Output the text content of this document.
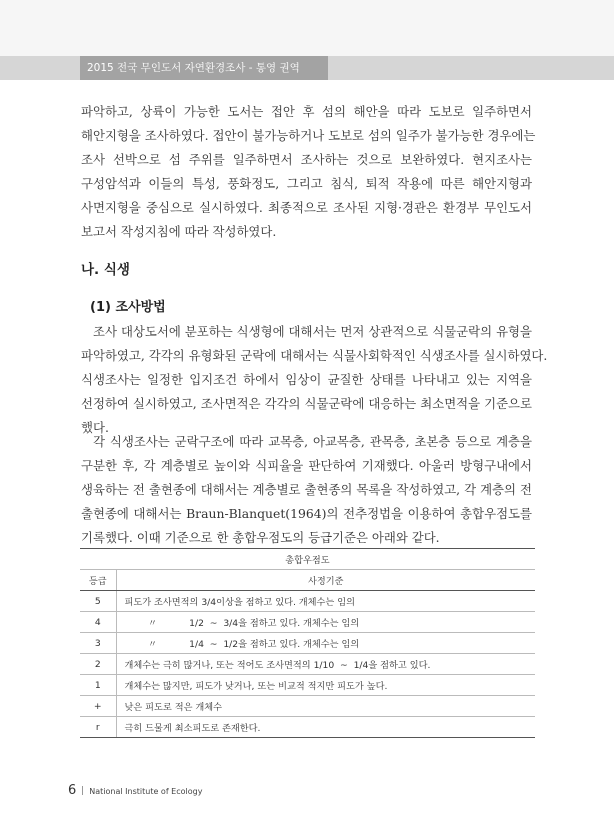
2015 전국 무인도서 자연환경조사 - 통영 권역
파악하고, 상륙이 가능한 도서는 접안 후 섬의 해안을 따라 도보로 일주하면서
해안지형을 조사하였다. 접안이 불가능하거나 도보로 섬의 일주가 불가능한 경우에는
조사 선박으로 섬 주위를 일주하면서 조사하는 것으로 보완하였다. 현지조사는
구성암석과 이들의 특성, 풍화정도, 그리고 침식, 퇴적 작용에 따른 해안지형과
사면지형을 중심으로 실시하였다. 최종적으로 조사된 지형·경관은 환경부 무인도서
보고서 작성지침에 따라 작성하였다.
나. 식생
(1) 조사방법
조사 대상도서에 분포하는 식생형에 대해서는 먼저 상관적으로 식물군락의 유형을
파악하였고, 각각의 유형화된 군락에 대해서는 식물사회학적인 식생조사를 실시하였다.
식생조사는 일정한 입지조건 하에서 임상이 균질한 상태를 나타내고 있는 지역을
선정하여 실시하였고, 조사면적은 각각의 식물군락에 대응하는 최소면적을 기준으로
했다.
각 식생조사는 군락구조에 따라 교목층, 아교목층, 관목층, 초본층 등으로 계층을
구분한 후, 각 계층별로 높이와 식피율을 판단하여 기재했다. 아울러 방형구내에서
생육하는 전 출현종에 대해서는 계층별로 출현종의 목록을 작성하였고, 각 계층의 전
출현종에 대해서는 Braun-Blanquet(1964)의 전추정법을 이용하여 총합우점도를
기록했다. 이때 기준으로 한 총합우점도의 등급기준은 아래와 같다.
총합우점도	
등급	사정기준
5	피도가 조사면적의 3/4이상을 점하고 있다. 개체수는 임의
4	〃           1/2  ~  3/4을 점하고 있다. 개체수는 임의
3	〃           1/4  ~  1/2을 점하고 있다. 개체수는 임의
2	개체수는 극히 많거나, 또는 적어도 조사면적의 1/10  ~  1/4을 점하고 있다.
1	개체수는 많지만, 피도가 낮거나, 또는 비교적 적지만 피도가 높다.
+	낮은 피도로 적은 개체수
r	극히 드물게 최소피도로 존재한다.
6 National Institute of Ecology
